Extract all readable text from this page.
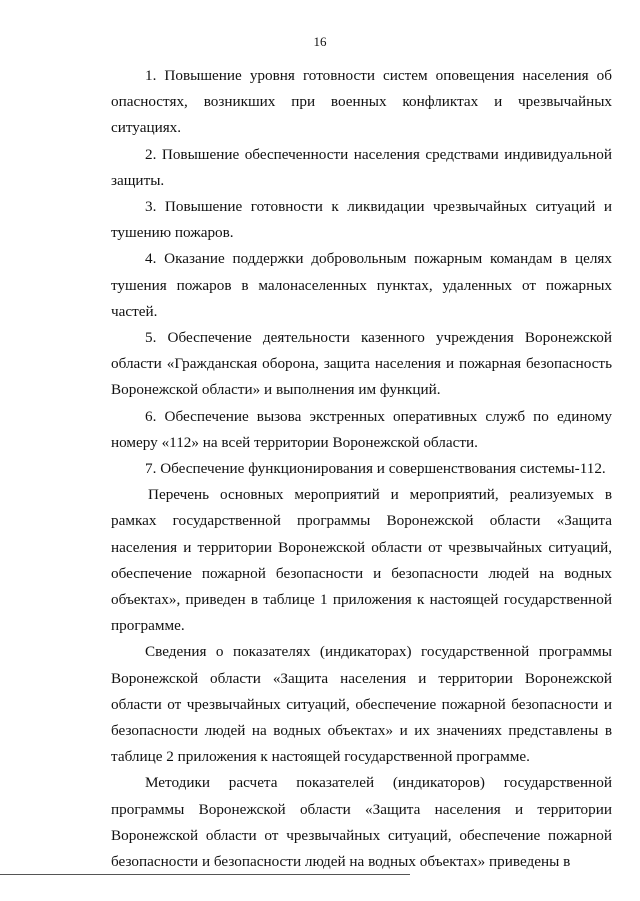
16

1. Повышение уровня готовности систем оповещения населения об опасностях, возникших при военных конфликтах и чрезвычайных ситуациях.

2. Повышение обеспеченности населения средствами индивидуальной защиты.

3. Повышение готовности к ликвидации чрезвычайных ситуаций и тушению пожаров.

4. Оказание поддержки добровольным пожарным командам в целях тушения пожаров в малонаселенных пунктах, удаленных от пожарных частей.

5. Обеспечение деятельности казенного учреждения Воронежской области «Гражданская оборона, защита населения и пожарная безопасность Воронежской области» и выполнения им функций.

6. Обеспечение вызова экстренных оперативных служб по единому номеру «112» на всей территории Воронежской области.

7. Обеспечение функционирования и совершенствования системы-112.

Перечень основных мероприятий и мероприятий, реализуемых в рамках государственной программы Воронежской области «Защита населения и территории Воронежской области от чрезвычайных ситуаций, обеспечение пожарной безопасности и безопасности людей на водных объектах», приведен в таблице 1 приложения к настоящей государственной программе.

Сведения о показателях (индикаторах) государственной программы Воронежской области «Защита населения и территории Воронежской области от чрезвычайных ситуаций, обеспечение пожарной безопасности и безопасности людей на водных объектах» и их значениях представлены в таблице 2 приложения к настоящей государственной программе.

Методики расчета показателей (индикаторов) государственной программы Воронежской области «Защита населения и территории Воронежской области от чрезвычайных ситуаций, обеспечение пожарной безопасности и безопасности людей на водных объектах» приведены в
